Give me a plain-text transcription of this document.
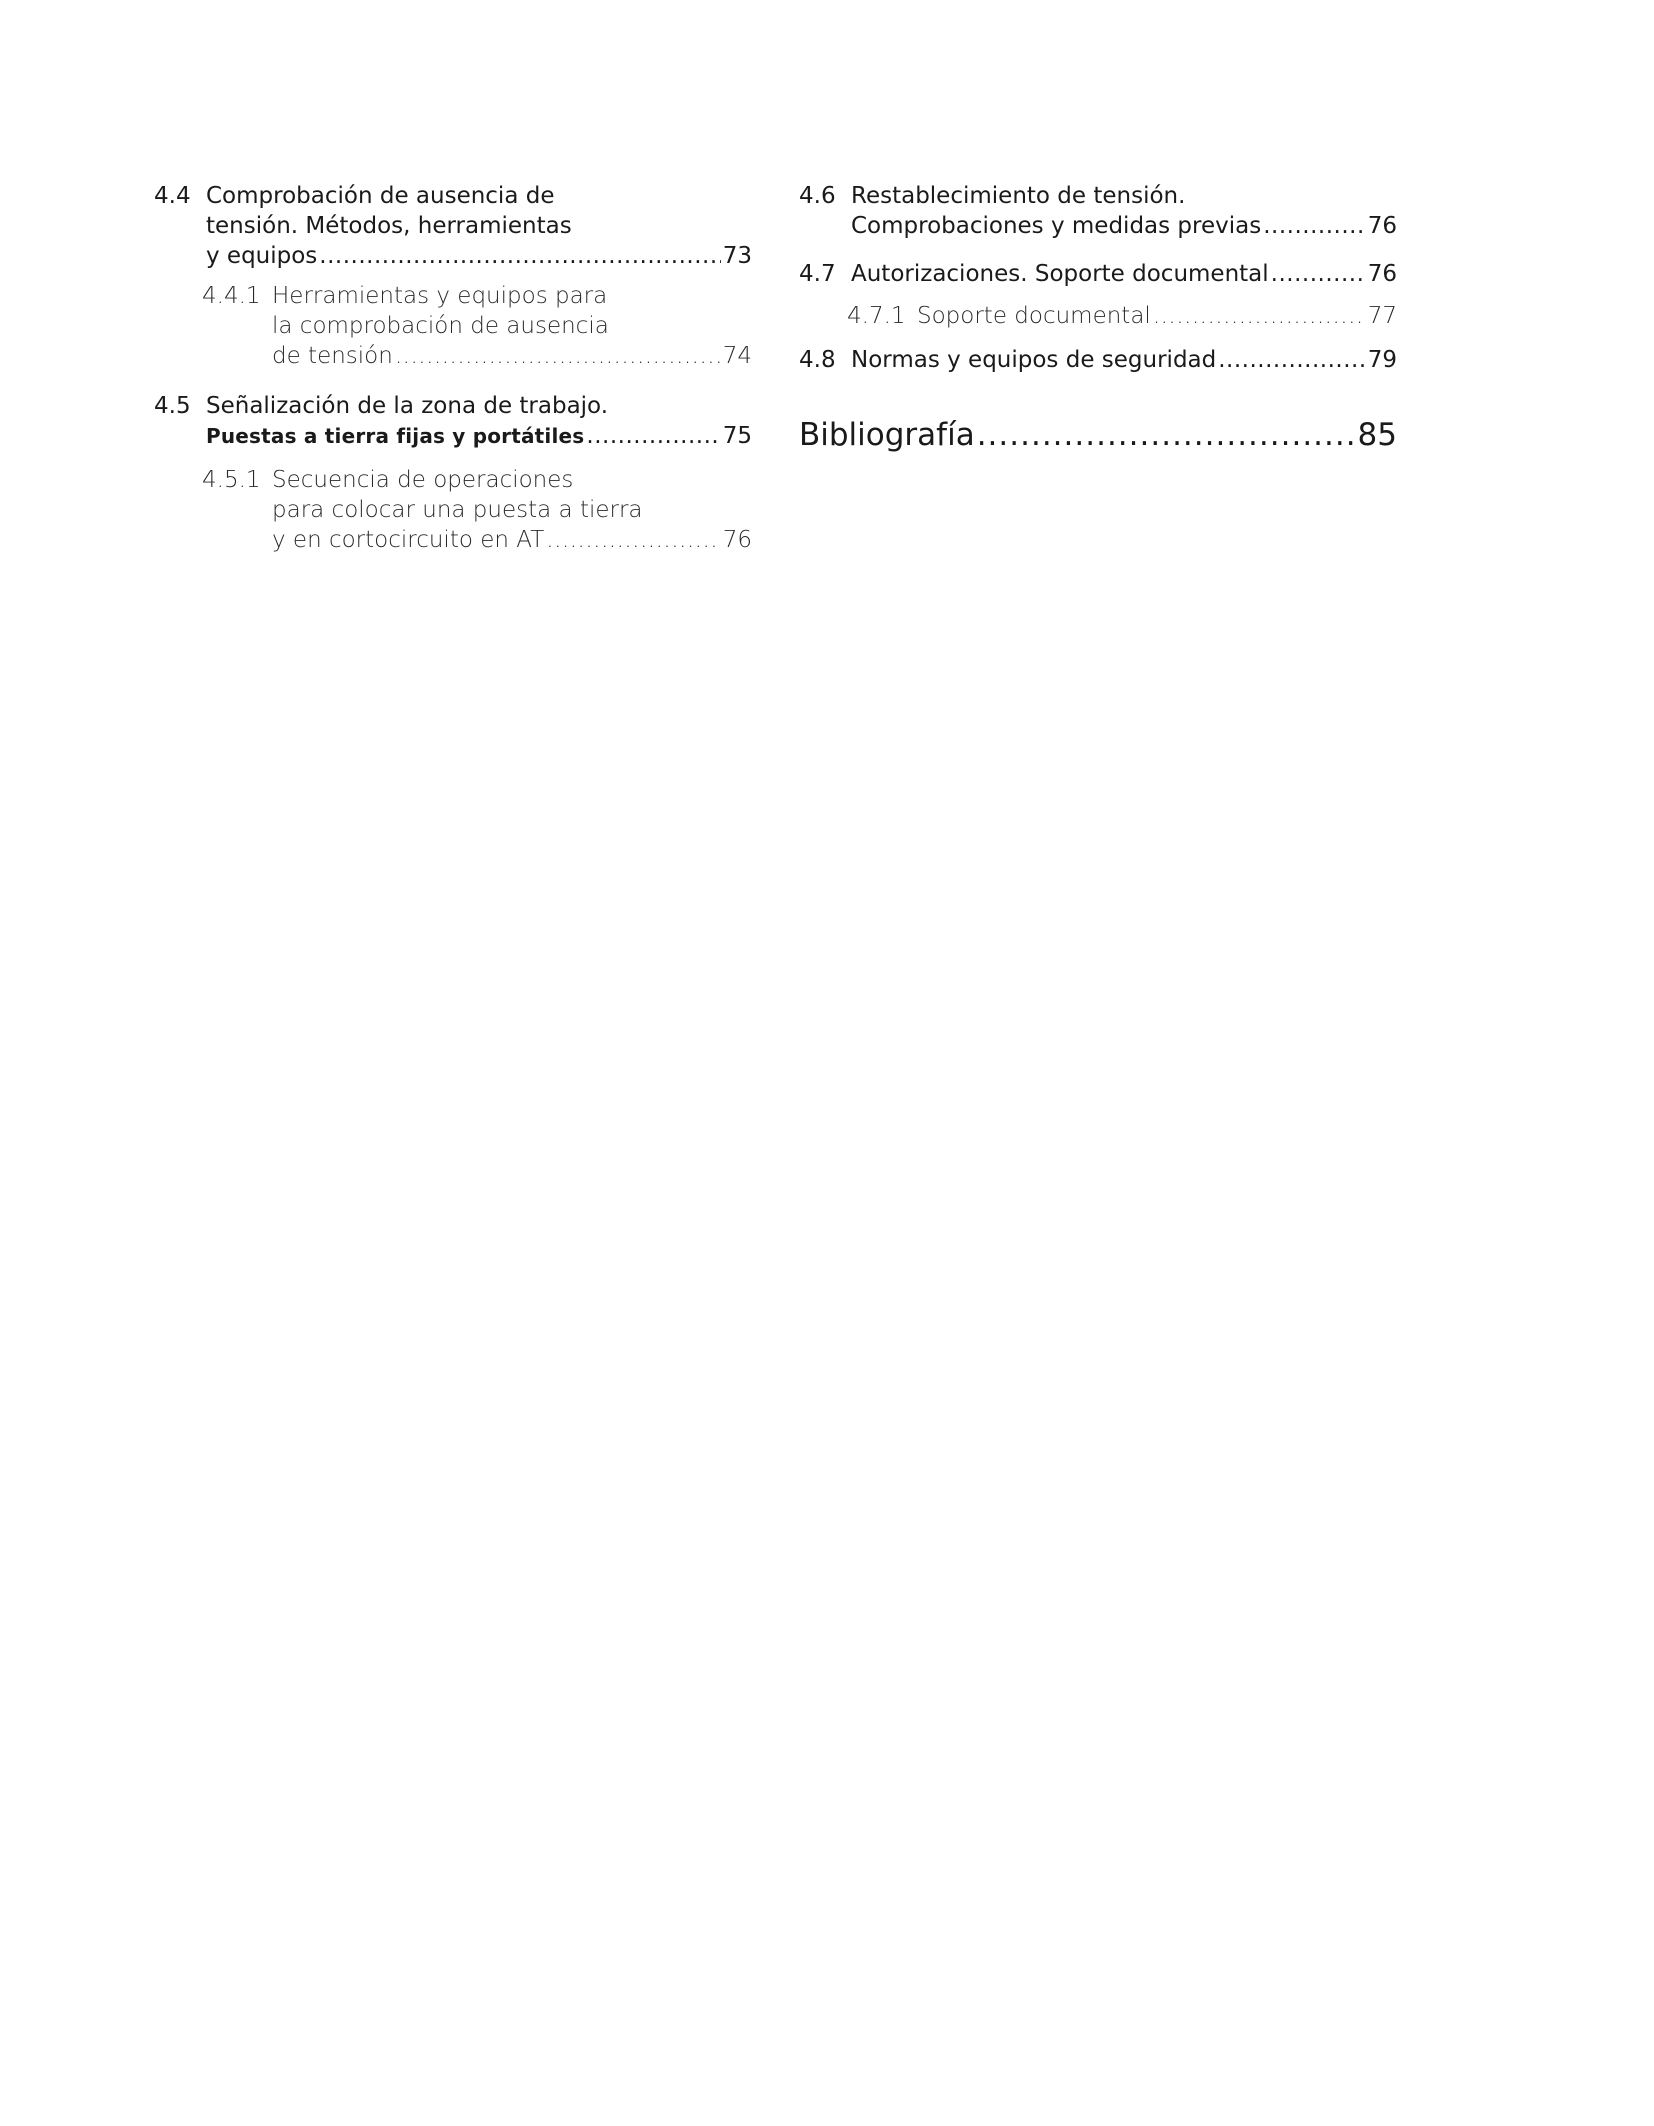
4.4 Comprobación de ausencia de
tensión. Métodos, herramientas
y equipos .....	73
4.4.1 Herramientas y equipos para
la comprobación de ausencia
de tensión .....	74
4.5 Señalización de la zona de trabajo.
Puestas a tierra fijas y portátiles .....	75
4.5.1 Secuencia de operaciones
para colocar una puesta a tierra
y en cortocircuito en AT .....	76
4.6 Restablecimiento de tensión.
Comprobaciones y medidas previas .....	76
4.7 Autorizaciones. Soporte documental .....	76
4.7.1 Soporte documental .....	77
4.8 Normas y equipos de seguridad .....	79
Bibliografía .....	85
